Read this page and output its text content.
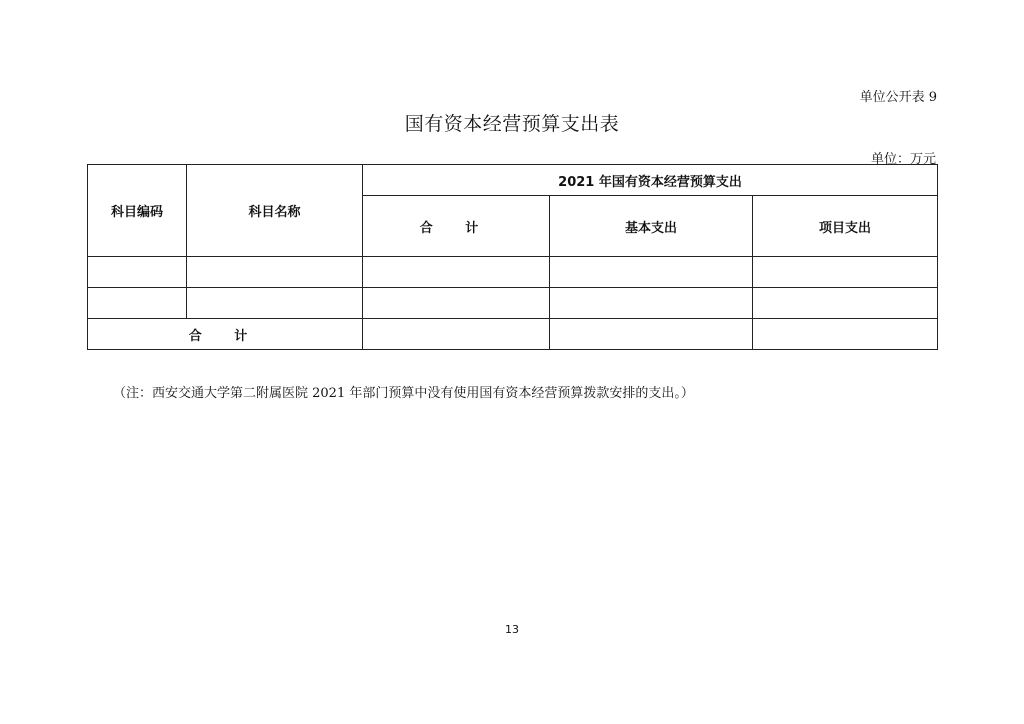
单位公开表 9
国有资本经营预算支出表
单位：万元
科目编码	科目名称	2021 年国有资本经营预算支出		
		合 计	基本支出	项目支出

合 计				
（注：西安交通大学第二附属医院 2021 年部门预算中没有使用国有资本经营预算拨款安排的支出。）
13
